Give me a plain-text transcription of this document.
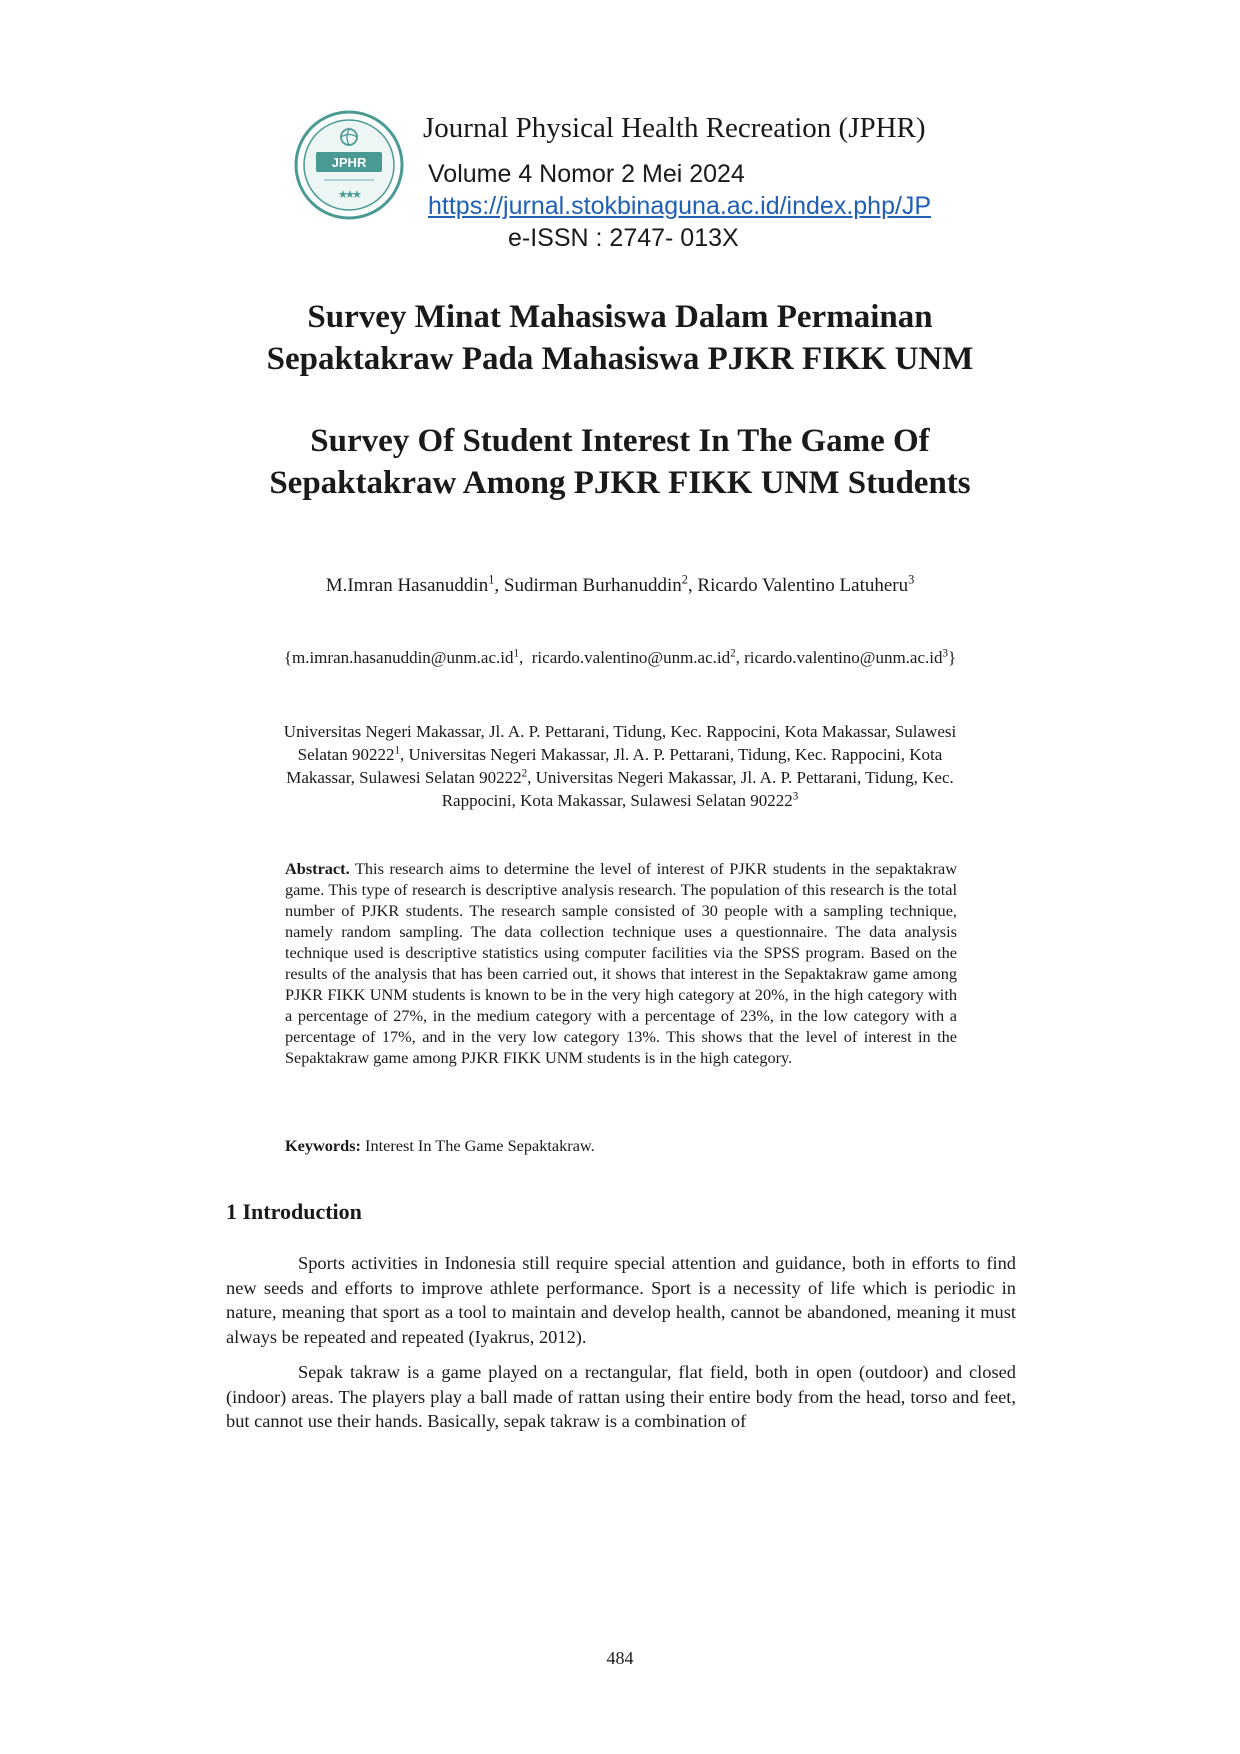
JPHR
★
★
★
Journal Physical Health Recreation (JPHR)
Volume 4 Nomor 2 Mei 2024
https://jurnal.stokbinaguna.ac.id/index.php/JP
e-ISSN : 2747- 013X
Survey Minat Mahasiswa Dalam Permainan
Sepaktakraw Pada Mahasiswa PJKR FIKK UNM
Survey Of Student Interest In The Game Of
Sepaktakraw Among PJKR FIKK UNM Students
M.Imran Hasanuddin$^1$, Sudirman Burhanuddin$^2$, Ricardo Valentino Latuheru$^3$
{$m.imran.hasanuddin@unm.ac.id^1$,  $ricardo.valentino@unm.ac.id^2$, $ricardo.valentino@unm.ac.id^3$}
Universitas Negeri Makassar, Jl. A. P. Pettarani, Tidung, Kec. Rappocini, Kota Makassar, Sulawesi
Selatan 90222$^1$, Universitas Negeri Makassar, Jl. A. P. Pettarani, Tidung, Kec. Rappocini, Kota
Makassar, Sulawesi Selatan 90222$^2$, Universitas Negeri Makassar, Jl. A. P. Pettarani, Tidung, Kec.
Rappocini, Kota Makassar, Sulawesi Selatan 90222$^3$
Abstract. This research aims to determine the level of interest of PJKR students in the sepaktakraw game. This type of research is descriptive analysis research. The population of this research is the total number of PJKR students. The research sample consisted of 30 people with a sampling technique, namely random sampling. The data collection technique uses a questionnaire. The data analysis technique used is descriptive statistics using computer facilities via the SPSS program. Based on the results of the analysis that has been carried out, it shows that interest in the Sepaktakraw game among PJKR FIKK UNM students is known to be in the very high category at 20%, in the high category with a percentage of 27%, in the medium category with a percentage of 23%, in the low category with a percentage of 17%, and in the very low category 13%. This shows that the level of interest in the Sepaktakraw game among PJKR FIKK UNM students is in the high category.
Keywords: Interest In The Game Sepaktakraw.
1 Introduction
Sports activities in Indonesia still require special attention and guidance, both in efforts to find new seeds and efforts to improve athlete performance. Sport is a necessity of life which is periodic in nature, meaning that sport as a tool to maintain and develop health, cannot be abandoned, meaning it must always be repeated and repeated (Iyakrus, 2012).
Sepak takraw is a game played on a rectangular, flat field, both in open (outdoor) and closed (indoor) areas. The players play a ball made of rattan using their entire body from the head, torso and feet, but cannot use their hands. Basically, sepak takraw is a combination of
484
